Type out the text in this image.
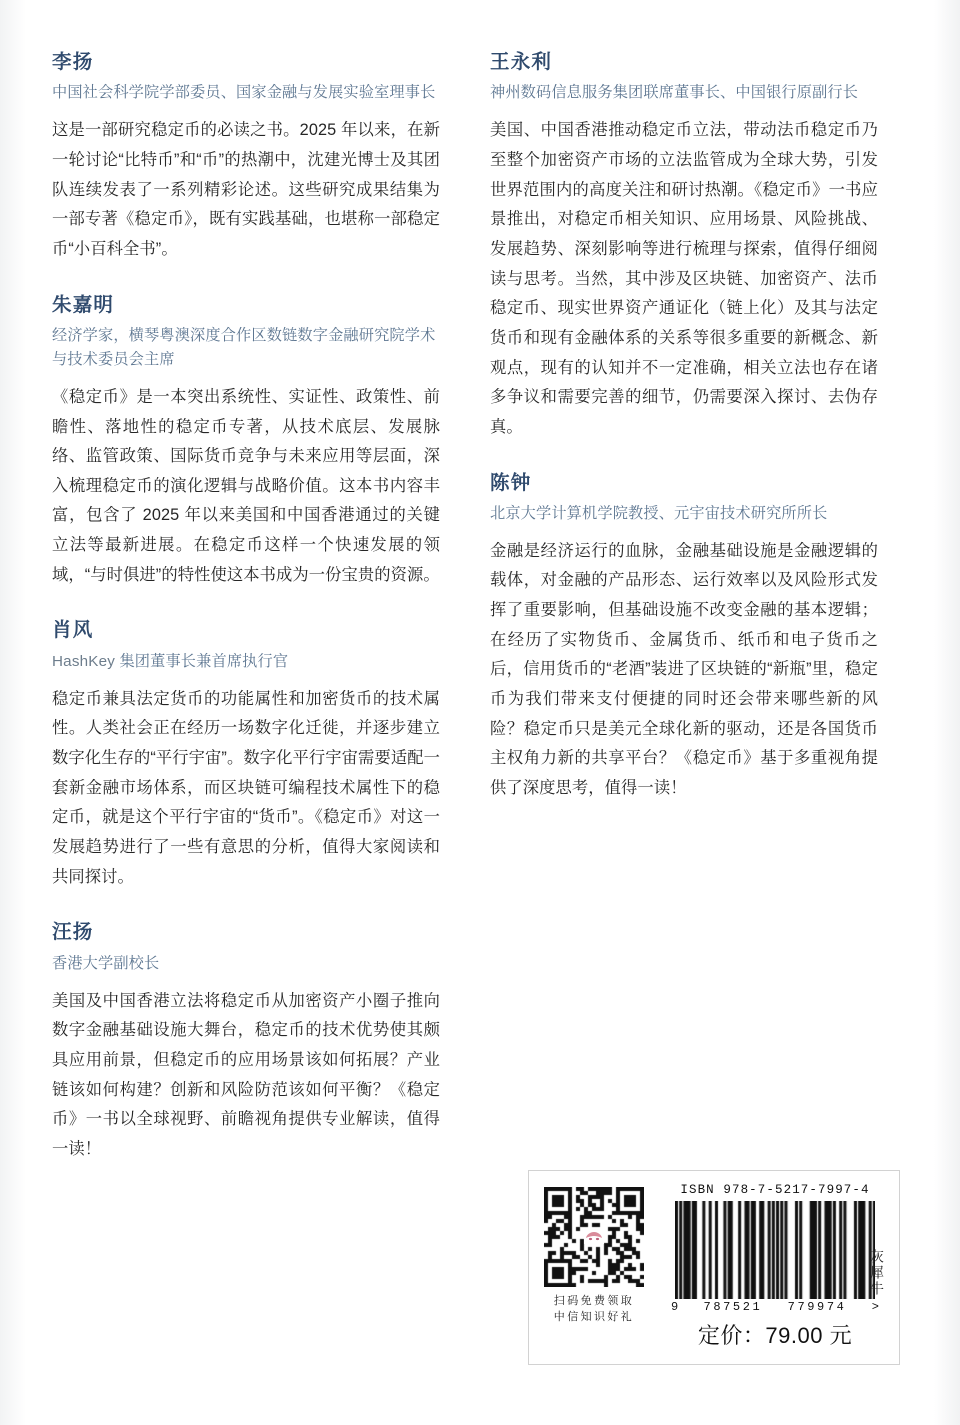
李扬
中国社会科学院学部委员、国家金融与发展实验室理事长
这是一部研究稳定币的必读之书。2025 年以来，在新一轮讨论“比特币”和“币”的热潮中，沈建光博士及其团队连续发表了一系列精彩论述。这些研究成果结集为一部专著《稳定币》，既有实践基础，也堪称一部稳定币“小百科全书”。
朱嘉明
经济学家，横琴粤澳深度合作区数链数字金融研究院学术与技术委员会主席
《稳定币》是一本突出系统性、实证性、政策性、前瞻性、落地性的稳定币专著，从技术底层、发展脉络、监管政策、国际货币竞争与未来应用等层面，深入梳理稳定币的演化逻辑与战略价值。这本书内容丰富，包含了 2025 年以来美国和中国香港通过的关键立法等最新进展。在稳定币这样一个快速发展的领域，“与时俱进”的特性使这本书成为一份宝贵的资源。
肖风
HashKey 集团董事长兼首席执行官
稳定币兼具法定货币的功能属性和加密货币的技术属性。人类社会正在经历一场数字化迁徙，并逐步建立数字化生存的“平行宇宙”。数字化平行宇宙需要适配一套新金融市场体系，而区块链可编程技术属性下的稳定币，就是这个平行宇宙的“货币”。《稳定币》对这一发展趋势进行了一些有意思的分析，值得大家阅读和共同探讨。
汪扬
香港大学副校长
美国及中国香港立法将稳定币从加密资产小圈子推向数字金融基础设施大舞台，稳定币的技术优势使其颇具应用前景，但稳定币的应用场景该如何拓展？产业链该如何构建？创新和风险防范该如何平衡？《稳定币》一书以全球视野、前瞻视角提供专业解读，值得一读！
王永利
神州数码信息服务集团联席董事长、中国银行原副行长
美国、中国香港推动稳定币立法，带动法币稳定币乃至整个加密资产市场的立法监管成为全球大势，引发世界范围内的高度关注和研讨热潮。《稳定币》一书应景推出，对稳定币相关知识、应用场景、风险挑战、发展趋势、深刻影响等进行梳理与探索，值得仔细阅读与思考。当然，其中涉及区块链、加密资产、法币稳定币、现实世界资产通证化（链上化）及其与法定货币和现有金融体系的关系等很多重要的新概念、新观点，现有的认知并不一定准确，相关立法也存在诸多争议和需要完善的细节，仍需要深入探讨、去伪存真。
陈钟
北京大学计算机学院教授、元宇宙技术研究所所长
金融是经济运行的血脉，金融基础设施是金融逻辑的载体，对金融的产品形态、运行效率以及风险形式发挥了重要影响，但基础设施不改变金融的基本逻辑；在经历了实物货币、金属货币、纸币和电子货币之后，信用货币的“老酒”装进了区块链的“新瓶”里，稳定币为我们带来支付便捷的同时还会带来哪些新的风险？稳定币只是美元全球化新的驱动，还是各国货币主权角力新的共享平台？《稳定币》基于多重视角提供了深度思考，值得一读！
扫码免费领取
中信知识好礼
ISBN 978-7-5217-7997-4
9 787521 779974 >
定价：79.00 元
灰犀牛
